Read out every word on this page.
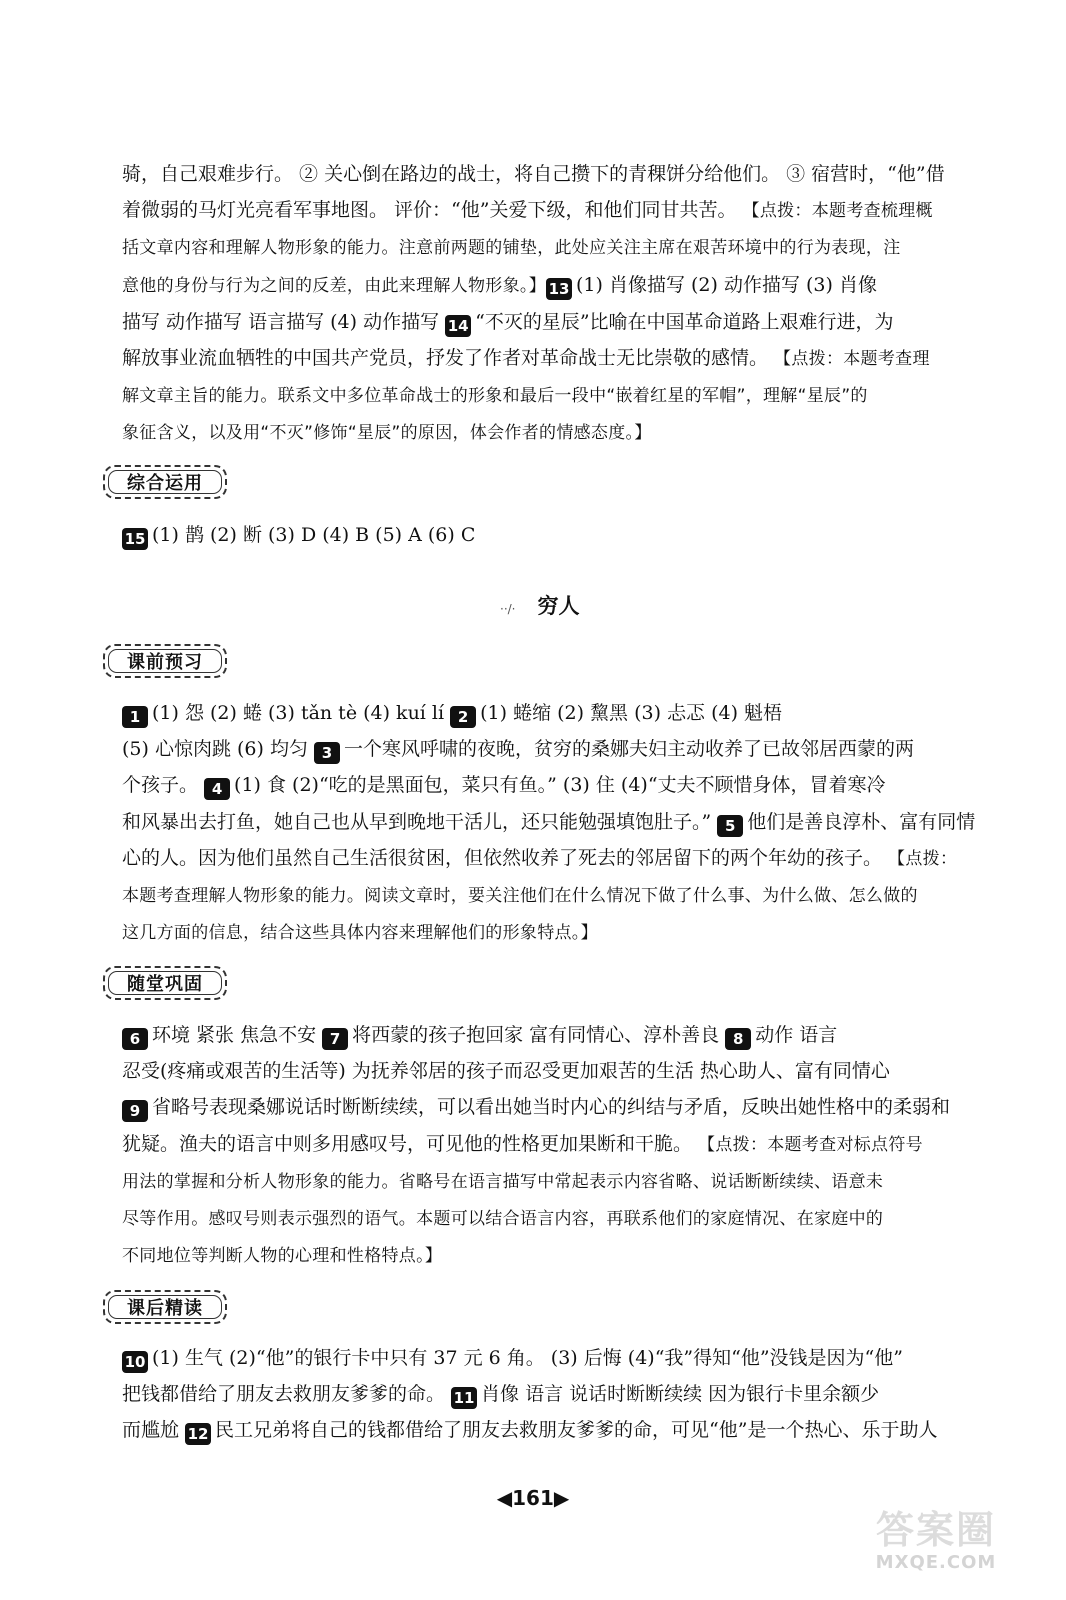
骑，自己艰难步行。 ② 关心倒在路边的战士，将自己攒下的青稞饼分给他们。 ③ 宿营时，“他”借
着微弱的马灯光亮看军事地图。 评价：“他”关爱下级，和他们同甘共苦。 【点拨：本题考查梳理概
括文章内容和理解人物形象的能力。注意前两题的铺垫，此处应关注主席在艰苦环境中的行为表现，注
意他的身份与行为之间的反差，由此来理解人物形象。】 13 (1) 肖像描写 (2) 动作描写 (3) 肖像
描写 动作描写 语言描写 (4) 动作描写 14 “不灭的星辰”比喻在中国革命道路上艰难行进，为
解放事业流血牺牲的中国共产党员，抒发了作者对革命战士无比崇敬的感情。 【点拨：本题考查理
解文章主旨的能力。联系文中多位革命战士的形象和最后一段中“嵌着红星的军帽”，理解“星辰”的
象征含义，以及用“不灭”修饰“星辰”的原因，体会作者的情感态度。】
综合运用
15 (1) 鹊 (2) 断 (3) D (4) B (5) A (6) C
··/· 穷人
课前预习
1 (1) 怨 (2) 蜷 (3) tǎn tè (4) kuí lí 2 (1) 蜷缩 (2) 黧黑 (3) 忐忑 (4) 魁梧
(5) 心惊肉跳 (6) 均匀 3 一个寒风呼啸的夜晚，贫穷的桑娜夫妇主动收养了已故邻居西蒙的两
个孩子。 4 (1) 食 (2)“吃的是黑面包，菜只有鱼。” (3) 住 (4)“丈夫不顾惜身体，冒着寒冷
和风暴出去打鱼，她自己也从早到晚地干活儿，还只能勉强填饱肚子。” 5 他们是善良淳朴、富有同情
心的人。因为他们虽然自己生活很贫困，但依然收养了死去的邻居留下的两个年幼的孩子。 【点拨：
本题考查理解人物形象的能力。阅读文章时，要关注他们在什么情况下做了什么事、为什么做、怎么做的
这几方面的信息，结合这些具体内容来理解他们的形象特点。】
随堂巩固
6 环境 紧张 焦急不安 7 将西蒙的孩子抱回家 富有同情心、淳朴善良 8 动作 语言
忍受(疼痛或艰苦的生活等) 为抚养邻居的孩子而忍受更加艰苦的生活 热心助人、富有同情心
9 省略号表现桑娜说话时断断续续，可以看出她当时内心的纠结与矛盾，反映出她性格中的柔弱和
犹疑。渔夫的语言中则多用感叹号，可见他的性格更加果断和干脆。 【点拨：本题考查对标点符号
用法的掌握和分析人物形象的能力。省略号在语言描写中常起表示内容省略、说话断断续续、语意未
尽等作用。感叹号则表示强烈的语气。本题可以结合语言内容，再联系他们的家庭情况、在家庭中的
不同地位等判断人物的心理和性格特点。】
课后精读
10 (1) 生气 (2)“他”的银行卡中只有 37 元 6 角。 (3) 后悔 (4)“我”得知“他”没钱是因为“他”
把钱都借给了朋友去救朋友爹爹的命。 11 肖像 语言 说话时断断续续 因为银行卡里余额少
而尴尬 12 民工兄弟将自己的钱都借给了朋友去救朋友爹爹的命，可见“他”是一个热心、乐于助人
◀161▶
答案圈
MXQE.COM
